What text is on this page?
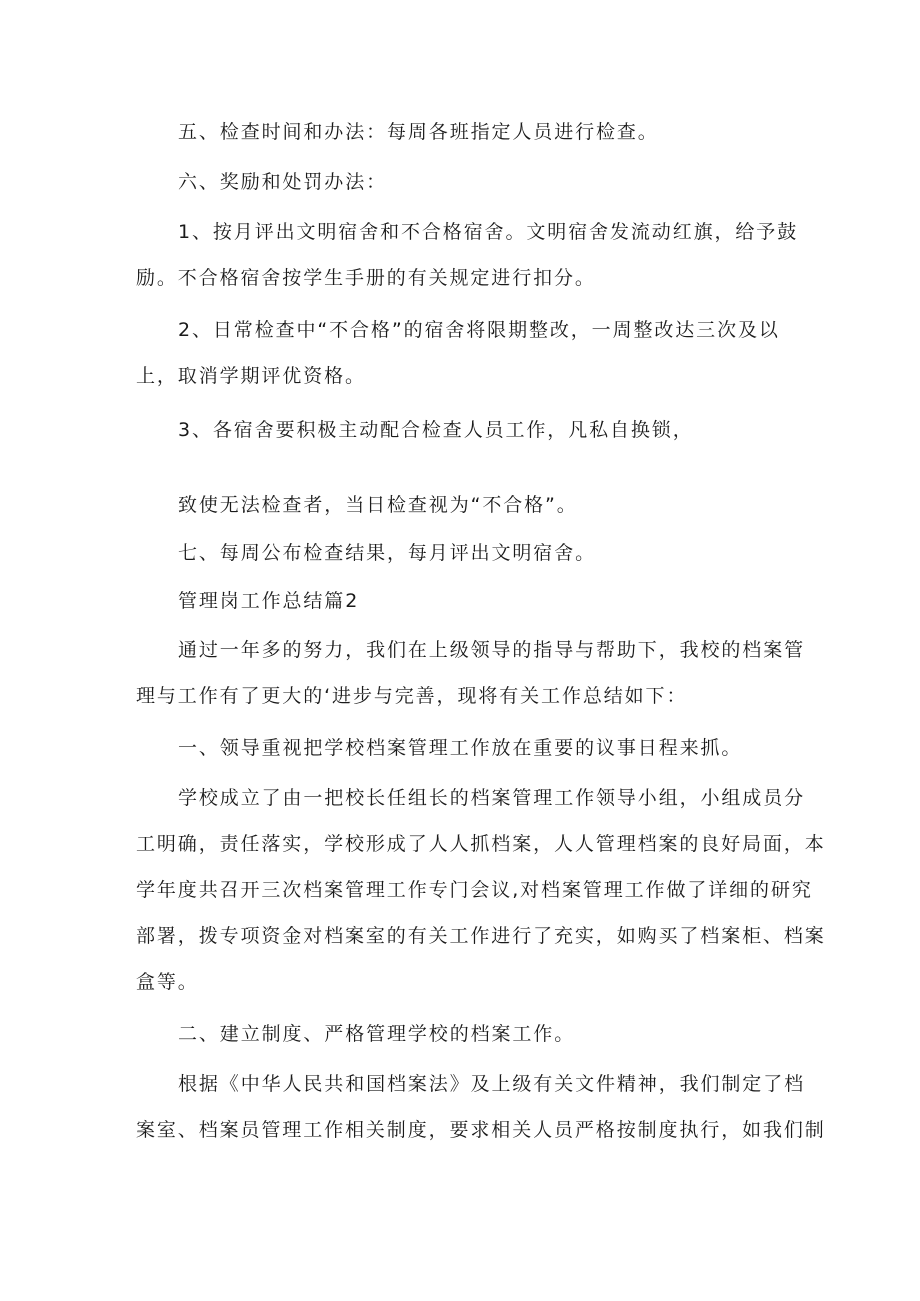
五、检查时间和办法：每周各班指定人员进行检查。
六、奖励和处罚办法：
1、按月评出文明宿舍和不合格宿舍。文明宿舍发流动红旗，给予鼓
励。不合格宿舍按学生手册的有关规定进行扣分。
2、日常检查中“不合格”的宿舍将限期整改，一周整改达三次及以
上，取消学期评优资格。
3、各宿舍要积极主动配合检查人员工作，凡私自换锁，
致使无法检查者，当日检查视为“不合格”。
七、每周公布检查结果，每月评出文明宿舍。
管理岗工作总结篇2
通过一年多的努力，我们在上级领导的指导与帮助下，我校的档案管
理与工作有了更大的‘进步与完善，现将有关工作总结如下：
一、领导重视把学校档案管理工作放在重要的议事日程来抓。
学校成立了由一把校长任组长的档案管理工作领导小组，小组成员分
工明确，责任落实，学校形成了人人抓档案，人人管理档案的良好局面，本
学年度共召开三次档案管理工作专门会议,对档案管理工作做了详细的研究
部署，拨专项资金对档案室的有关工作进行了充实，如购买了档案柜、档案
盒等。
二、建立制度、严格管理学校的档案工作。
根据《中华人民共和国档案法》及上级有关文件精神，我们制定了档
案室、档案员管理工作相关制度，要求相关人员严格按制度执行，如我们制
